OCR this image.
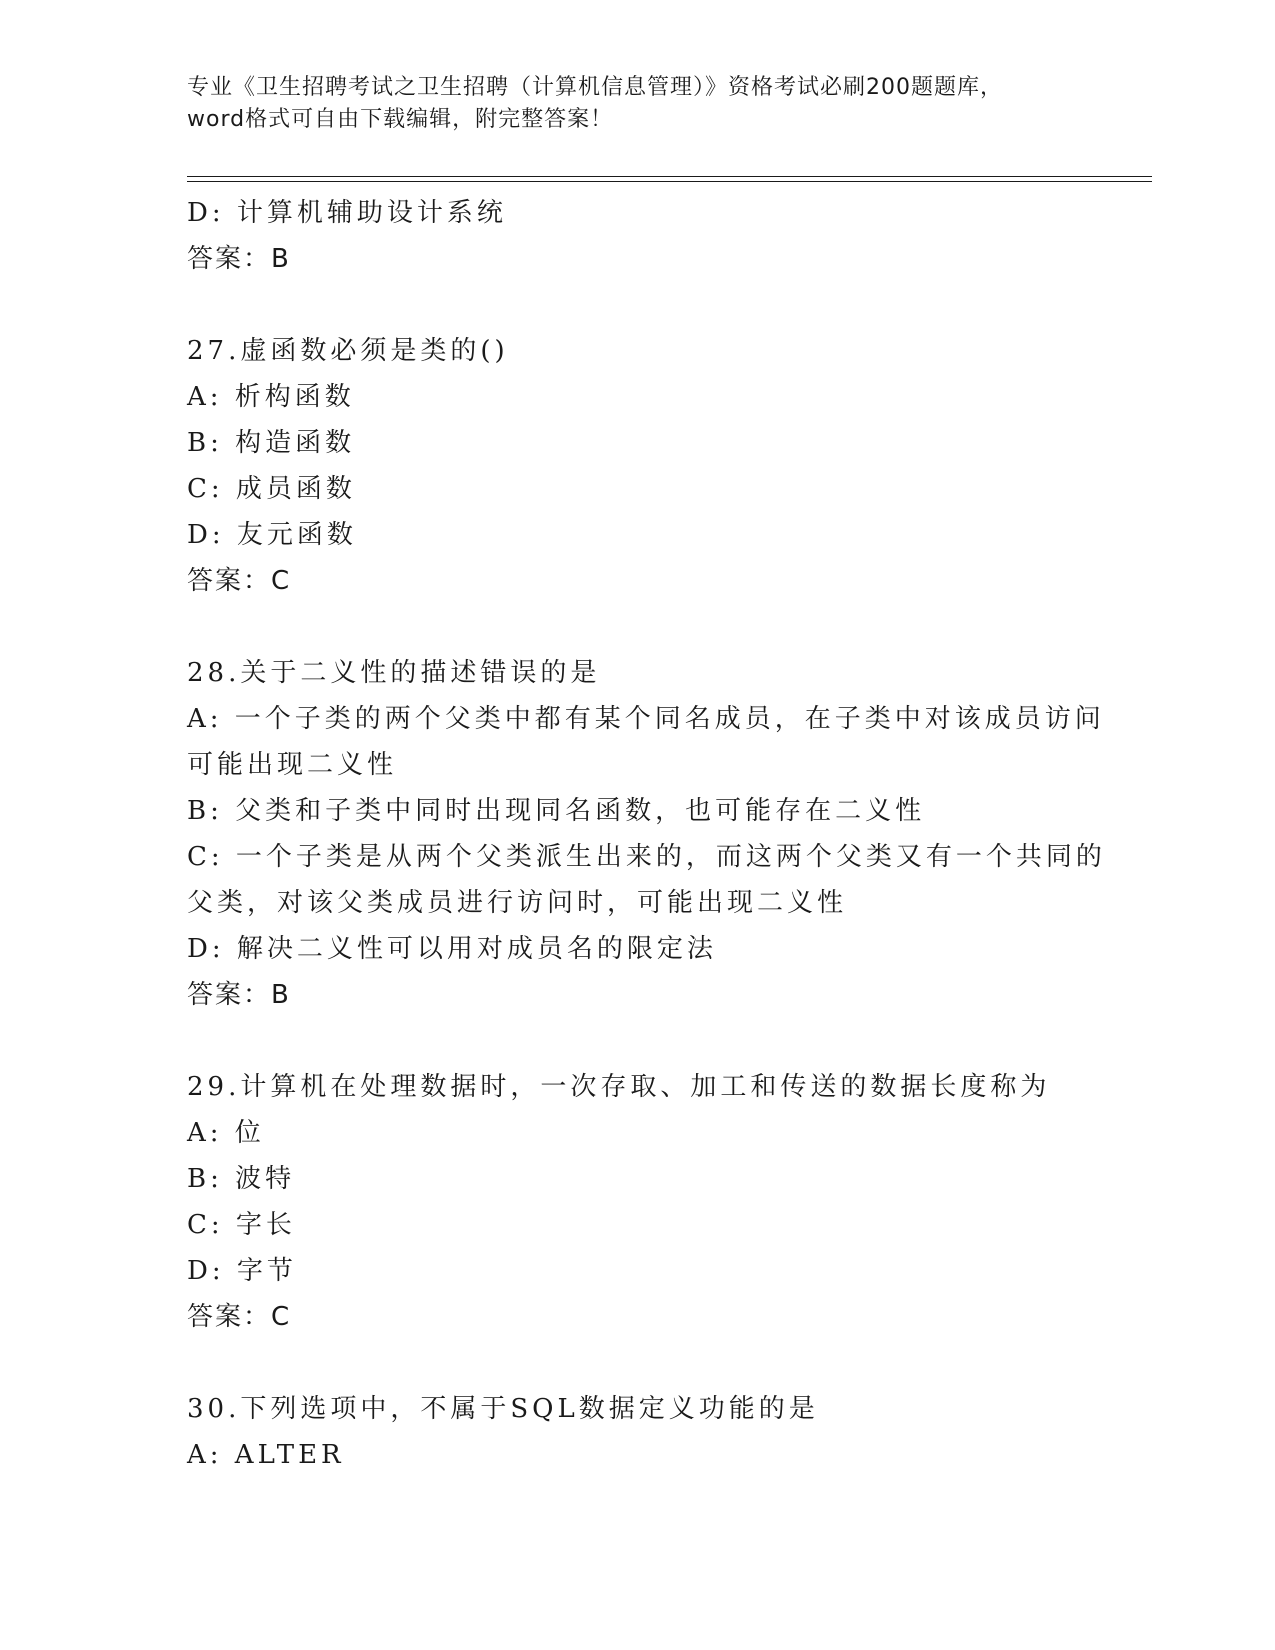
专业《卫生招聘考试之卫生招聘（计算机信息管理）》资格考试必刷200题题库，
word格式可自由下载编辑，附完整答案！
D: 计算机辅助设计系统
答案：B
27.虚函数必须是类的()
A: 析构函数
B: 构造函数
C: 成员函数
D: 友元函数
答案：C
28.关于二义性的描述错误的是
A: 一个子类的两个父类中都有某个同名成员，在子类中对该成员访问
可能出现二义性
B: 父类和子类中同时出现同名函数，也可能存在二义性
C: 一个子类是从两个父类派生出来的，而这两个父类又有一个共同的
父类，对该父类成员进行访问时，可能出现二义性
D: 解决二义性可以用对成员名的限定法
答案：B
29.计算机在处理数据时，一次存取、加工和传送的数据长度称为
A: 位
B: 波特
C: 字长
D: 字节
答案：C
30.下列选项中，不属于SQL数据定义功能的是
A: ALTER
